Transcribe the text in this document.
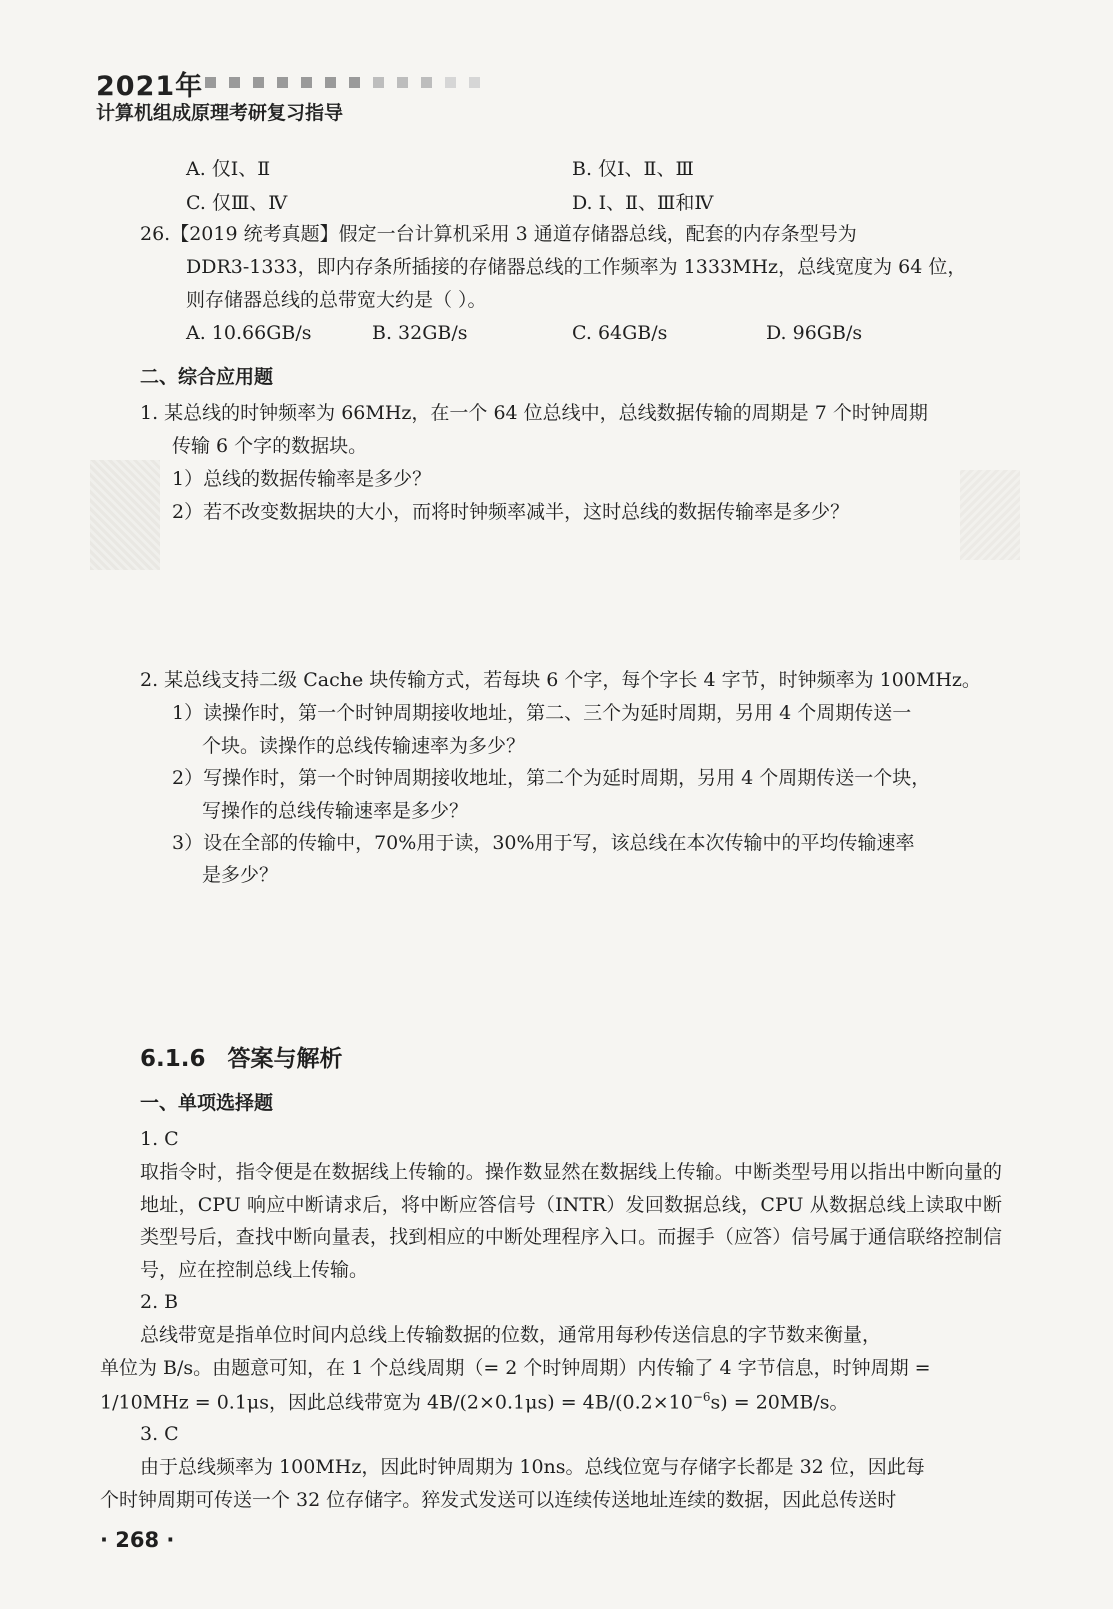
2021年
计算机组成原理考研复习指导
A. 仅Ⅰ、Ⅱ	B. 仅Ⅰ、Ⅱ、Ⅲ
C. 仅Ⅲ、Ⅳ	D. Ⅰ、Ⅱ、Ⅲ和Ⅳ
26.【2019 统考真题】假定一台计算机采用 3 通道存储器总线，配套的内存条型号为
DDR3-1333，即内存条所插接的存储器总线的工作频率为 1333MHz，总线宽度为 64 位，
则存储器总线的总带宽大约是（ ）。
A. 10.66GB/s	B. 32GB/s	C. 64GB/s	D. 96GB/s
二、综合应用题
1. 某总线的时钟频率为 66MHz，在一个 64 位总线中，总线数据传输的周期是 7 个时钟周期
传输 6 个字的数据块。
1）总线的数据传输率是多少？
2）若不改变数据块的大小，而将时钟频率减半，这时总线的数据传输率是多少？
2. 某总线支持二级 Cache 块传输方式，若每块 6 个字，每个字长 4 字节，时钟频率为 100MHz。
1）读操作时，第一个时钟周期接收地址，第二、三个为延时周期，另用 4 个周期传送一
个块。读操作的总线传输速率为多少？
2）写操作时，第一个时钟周期接收地址，第二个为延时周期，另用 4 个周期传送一个块，
写操作的总线传输速率是多少？
3）设在全部的传输中，70%用于读，30%用于写，该总线在本次传输中的平均传输速率
是多少？
6.1.6 答案与解析
一、单项选择题
1. C
取指令时，指令便是在数据线上传输的。操作数显然在数据线上传输。中断类型号用以指出中断向量的地址，CPU 响应中断请求后，将中断应答信号（INTR）发回数据总线，CPU 从数据总线上读取中断类型号后，查找中断向量表，找到相应的中断处理程序入口。而握手（应答）信号属于通信联络控制信号，应在控制总线上传输。
2. B
总线带宽是指单位时间内总线上传输数据的位数，通常用每秒传送信息的字节数来衡量，
单位为 B/s。由题意可知，在 1 个总线周期（= 2 个时钟周期）内传输了 4 字节信息，时钟周期 =
1/10MHz = 0.1μs，因此总线带宽为 $4B/(2\times 0.1\mu s) = 4B/(0.2\times 10^{-6}s) = 20MB/s$。
3. C
由于总线频率为 100MHz，因此时钟周期为 10ns。总线位宽与存储字长都是 32 位，因此每
个时钟周期可传送一个 32 位存储字。猝发式发送可以连续传送地址连续的数据，因此总传送时
· 268 ·
